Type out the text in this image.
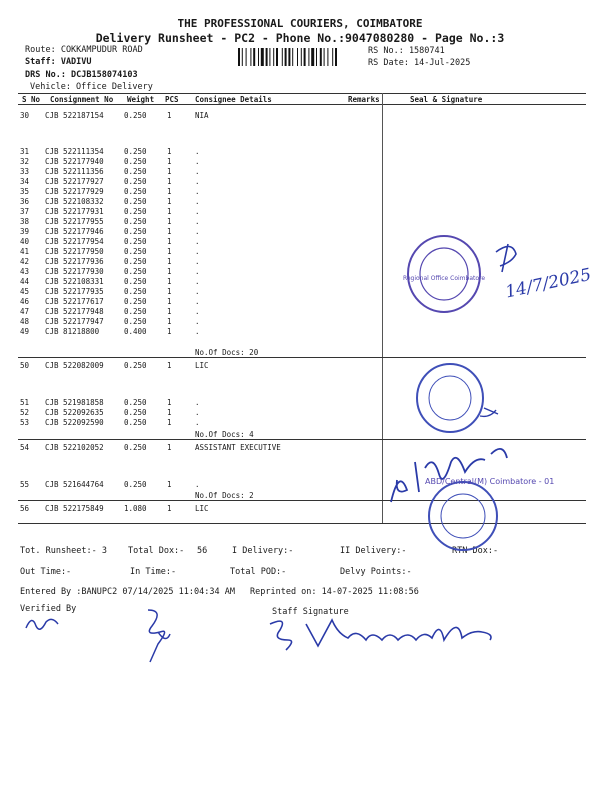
THE PROFESSIONAL COURIERS, COIMBATORE
Delivery Runsheet - PC2 - Phone No.:9047080280 - Page No.:3
Route: COKKAMPUDUR ROAD
Staff: VADIVU
DRS No.: DCJB158074103
Vehicle: Office Delivery
RS No.: 1580741
RS Date: 14-Jul-2025
S No Consignment No Weight PCS Consignee Details	Remarks	Seal & Signature
30 CJB 522187154	0.250	1	NIA
31 CJB 522111354	0.250	1	.
32 CJB 522177940	0.250	1	.
33 CJB 522111356	0.250	1	.
34 CJB 522177927	0.250	1	.
35 CJB 522177929	0.250	1	.
36 CJB 522108332	0.250	1	.
37 CJB 522177931	0.250	1	.
38 CJB 522177955	0.250	1	.
39 CJB 522177946	0.250	1	.
40 CJB 522177954	0.250	1	.
41 CJB 522177950	0.250	1	.
42 CJB 522177936	0.250	1	.
43 CJB 522177930	0.250	1	.
44 CJB 522108331	0.250	1	.
45 CJB 522177935	0.250	1	.
46 CJB 522177617	0.250	1	.
47 CJB 522177948	0.250	1	.
48 CJB 522177947	0.250	1	.
49 CJB 81218800	0.400	1	.
No.Of Docs: 20
50 CJB 522082009	0.250	1	LIC
51 CJB 521981858	0.250	1	.
52 CJB 522092635	0.250	1	.
53 CJB 522092590	0.250	1	.
No.Of Docs: 4
54 CJB 522102052	0.250	1	ASSISTANT EXECUTIVE
55 CJB 521644764	0.250	1	.
No.Of Docs: 2
56 CJB 522175849	1.080	1	LIC
Tot. Runsheet:- 3 Total Dox:- 56	I Delivery:-	II Delivery:-	RTN Dox:-
Out Time:-	In Time:-	Total POD:-	Delvy Points:-
Entered By :BANUPC2 07/14/2025 11:04:34 AM Reprinted on: 14-07-2025 11:08:56
Verified By	Staff Signature
Regional Office Coimbatore 14/7/2025
ABD/Central(M) Coimbatore - 01
